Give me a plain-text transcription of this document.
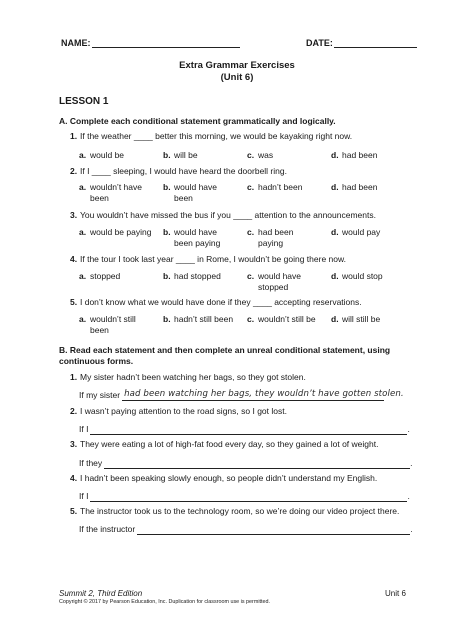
NAME:	DATE:
Extra Grammar Exercises
(Unit 6)
LESSON 1
A. Complete each conditional statement grammatically and logically.
1. If the weather ____ better this morning, we would be kayaking right now.
a. would be	b. will be	c. was	d. had been
2. If I ____ sleeping, I would have heard the doorbell ring.
a. wouldn’t have been
b. would have been
c. hadn’t been	d. had been
3. You wouldn’t have missed the bus if you ____ attention to the announcements.
a. would be paying b. would have been paying
c. had been paying
d. would pay
4. If the tour I took last year ____ in Rome, I wouldn’t be going there now.
a. stopped	b. had stopped	c. would have stopped
d. would stop
5. I don’t know what we would have done if they ____ accepting reservations.
a. wouldn’t still been
b. hadn’t still been	c. wouldn’t still be	d. will still be
B. Read each statement and then complete an unreal conditional statement, using continuous forms.
1. My sister hadn’t been watching her bags, so they got stolen.
If my sister had been watching her bags, they wouldn’t have gotten stolen.
2. I wasn’t paying attention to the road signs, so I got lost.
If I	.
3. They were eating a lot of high-fat food every day, so they gained a lot of weight.
If they	.
4. I hadn’t been speaking slowly enough, so people didn’t understand my English.
If I	.
5. The instructor took us to the technology room, so we’re doing our video project there.
If the instructor	.
Summit 2, Third Edition	Unit 6
Copyright © 2017 by Pearson Education, Inc. Duplication for classroom use is permitted.
